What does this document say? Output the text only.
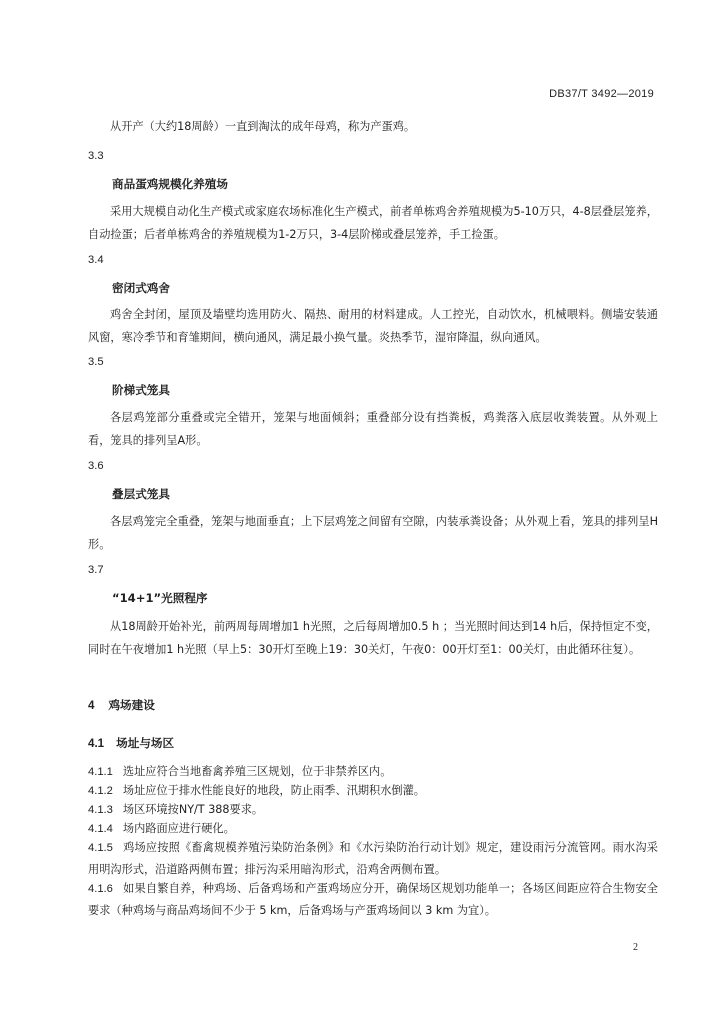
DB37/T 3492—2019
从开产（大约18周龄）一直到淘汰的成年母鸡，称为产蛋鸡。
3.3
商品蛋鸡规模化养殖场
采用大规模自动化生产模式或家庭农场标准化生产模式，前者单栋鸡舍养殖规模为5-10万只，4-8层叠层笼养，自动捡蛋；后者单栋鸡舍的养殖规模为1-2万只，3-4层阶梯或叠层笼养，手工捡蛋。
3.4
密闭式鸡舍
鸡舍全封闭，屋顶及墙壁均选用防火、隔热、耐用的材料建成。人工控光，自动饮水，机械喂料。侧墙安装通风窗，寒冷季节和育雏期间，横向通风，满足最小换气量。炎热季节，湿帘降温，纵向通风。
3.5
阶梯式笼具
各层鸡笼部分重叠或完全错开，笼架与地面倾斜；重叠部分设有挡粪板，鸡粪落入底层收粪装置。从外观上看，笼具的排列呈A形。
3.6
叠层式笼具
各层鸡笼完全重叠，笼架与地面垂直；上下层鸡笼之间留有空隙，内装承粪设备；从外观上看，笼具的排列呈H形。
3.7
“14+1”光照程序
从18周龄开始补光，前两周每周增加1 h光照，之后每周增加0.5 h ；当光照时间达到14 h后，保持恒定不变，同时在午夜增加1 h光照（早上5：30开灯至晚上19：30关灯，午夜0：00开灯至1：00关灯，由此循环往复）。
4 鸡场建设
4.1 场址与场区
4.1.1 选址应符合当地畜禽养殖三区规划，位于非禁养区内。
4.1.2 场址应位于排水性能良好的地段，防止雨季、汛期积水倒灌。
4.1.3 场区环境按NY/T 388要求。
4.1.4 场内路面应进行硬化。
4.1.5 鸡场应按照《畜禽规模养殖污染防治条例》和《水污染防治行动计划》规定，建设雨污分流管网。雨水沟采用明沟形式，沿道路两侧布置；排污沟采用暗沟形式，沿鸡舍两侧布置。
4.1.6 如果自繁自养，种鸡场、后备鸡场和产蛋鸡场应分开，确保场区规划功能单一；各场区间距应符合生物安全要求（种鸡场与商品鸡场间不少于 5 km，后备鸡场与产蛋鸡场间以 3 km 为宜）。
2
